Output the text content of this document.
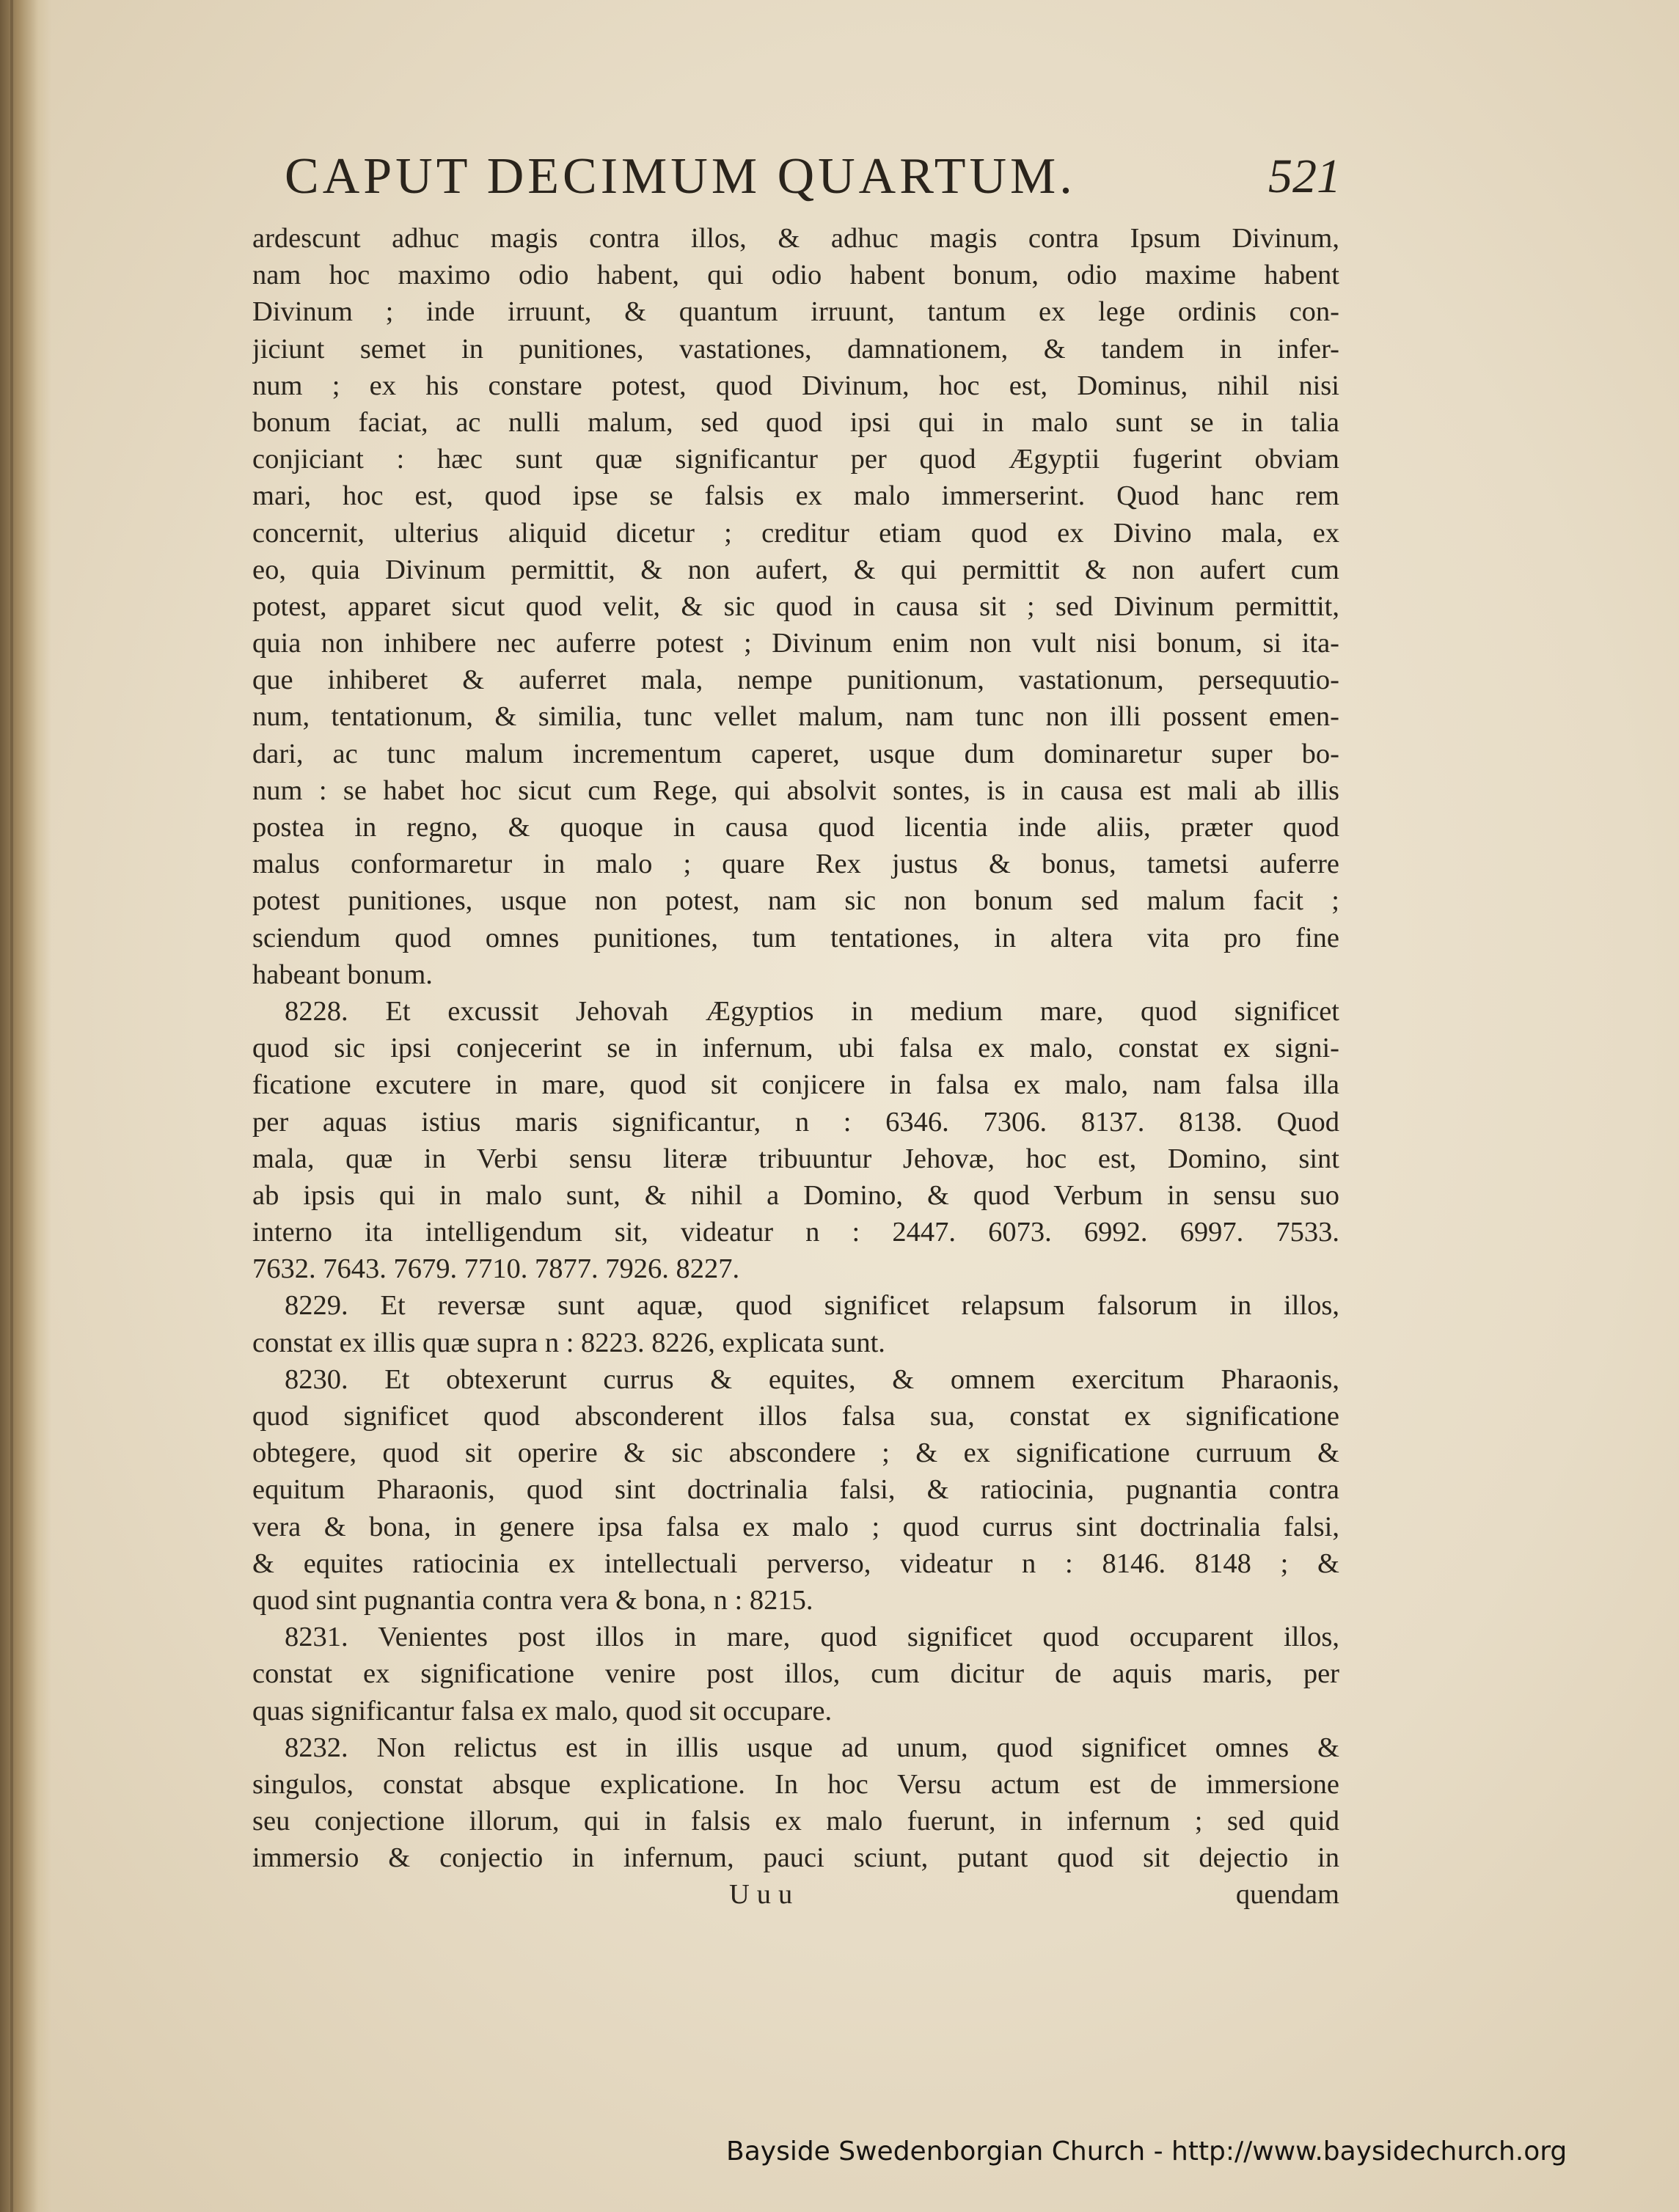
CAPUT DECIMUM QUARTUM.	521
ardescunt adhuc magis contra illos, & adhuc magis contra Ipsum Divinum,
nam hoc maximo odio habent, qui odio habent bonum, odio maxime habent
Divinum ; inde irruunt, & quantum irruunt, tantum ex lege ordinis con-
jiciunt semet in punitiones, vastationes, damnationem, & tandem in infer-
num ; ex his constare potest, quod Divinum, hoc est, Dominus, nihil nisi
bonum faciat, ac nulli malum, sed quod ipsi qui in malo sunt se in talia
conjiciant : hæc sunt quæ significantur per quod Ægyptii fugerint obviam
mari, hoc est, quod ipse se falsis ex malo immerserint. Quod hanc rem
concernit, ulterius aliquid dicetur ; creditur etiam quod ex Divino mala, ex
eo, quia Divinum permittit, & non aufert, & qui permittit & non aufert cum
potest, apparet sicut quod velit, & sic quod in causa sit ; sed Divinum permittit,
quia non inhibere nec auferre potest ; Divinum enim non vult nisi bonum, si ita-
que inhiberet & auferret mala, nempe punitionum, vastationum, persequutio-
num, tentationum, & similia, tunc vellet malum, nam tunc non illi possent emen-
dari, ac tunc malum incrementum caperet, usque dum dominaretur super bo-
num : se habet hoc sicut cum Rege, qui absolvit sontes, is in causa est mali ab illis
postea in regno, & quoque in causa quod licentia inde aliis, præter quod
malus conformaretur in malo ; quare Rex justus & bonus, tametsi auferre
potest punitiones, usque non potest, nam sic non bonum sed malum facit ;
sciendum quod omnes punitiones, tum tentationes, in altera vita pro fine
habeant bonum.
8228. Et excussit Jehovah Ægyptios in medium mare, quod significet
quod sic ipsi conjecerint se in infernum, ubi falsa ex malo, constat ex signi-
ficatione excutere in mare, quod sit conjicere in falsa ex malo, nam falsa illa
per aquas istius maris significantur, n : 6346. 7306. 8137. 8138. Quod
mala, quæ in Verbi sensu literæ tribuuntur Jehovæ, hoc est, Domino, sint
ab ipsis qui in malo sunt, & nihil a Domino, & quod Verbum in sensu suo
interno ita intelligendum sit, videatur n : 2447. 6073. 6992. 6997. 7533.
7632. 7643. 7679. 7710. 7877. 7926. 8227.
8229. Et reversæ sunt aquæ, quod significet relapsum falsorum in illos,
constat ex illis quæ supra n : 8223. 8226, explicata sunt.
8230. Et obtexerunt currus & equites, & omnem exercitum Pharaonis,
quod significet quod absconderent illos falsa sua, constat ex significatione
obtegere, quod sit operire & sic abscondere ; & ex significatione curruum &
equitum Pharaonis, quod sint doctrinalia falsi, & ratiocinia, pugnantia contra
vera & bona, in genere ipsa falsa ex malo ; quod currus sint doctrinalia falsi,
& equites ratiocinia ex intellectuali perverso, videatur n : 8146. 8148 ; &
quod sint pugnantia contra vera & bona, n : 8215.
8231. Venientes post illos in mare, quod significet quod occuparent illos,
constat ex significatione venire post illos, cum dicitur de aquis maris, per
quas significantur falsa ex malo, quod sit occupare.
8232. Non relictus est in illis usque ad unum, quod significet omnes &
singulos, constat absque explicatione. In hoc Versu actum est de immersione
seu conjectione illorum, qui in falsis ex malo fuerunt, in infernum ; sed quid
immersio & conjectio in infernum, pauci sciunt, putant quod sit dejectio in
Uuu	quendam
Bayside Swedenborgian Church - http://www.baysidechurch.org
